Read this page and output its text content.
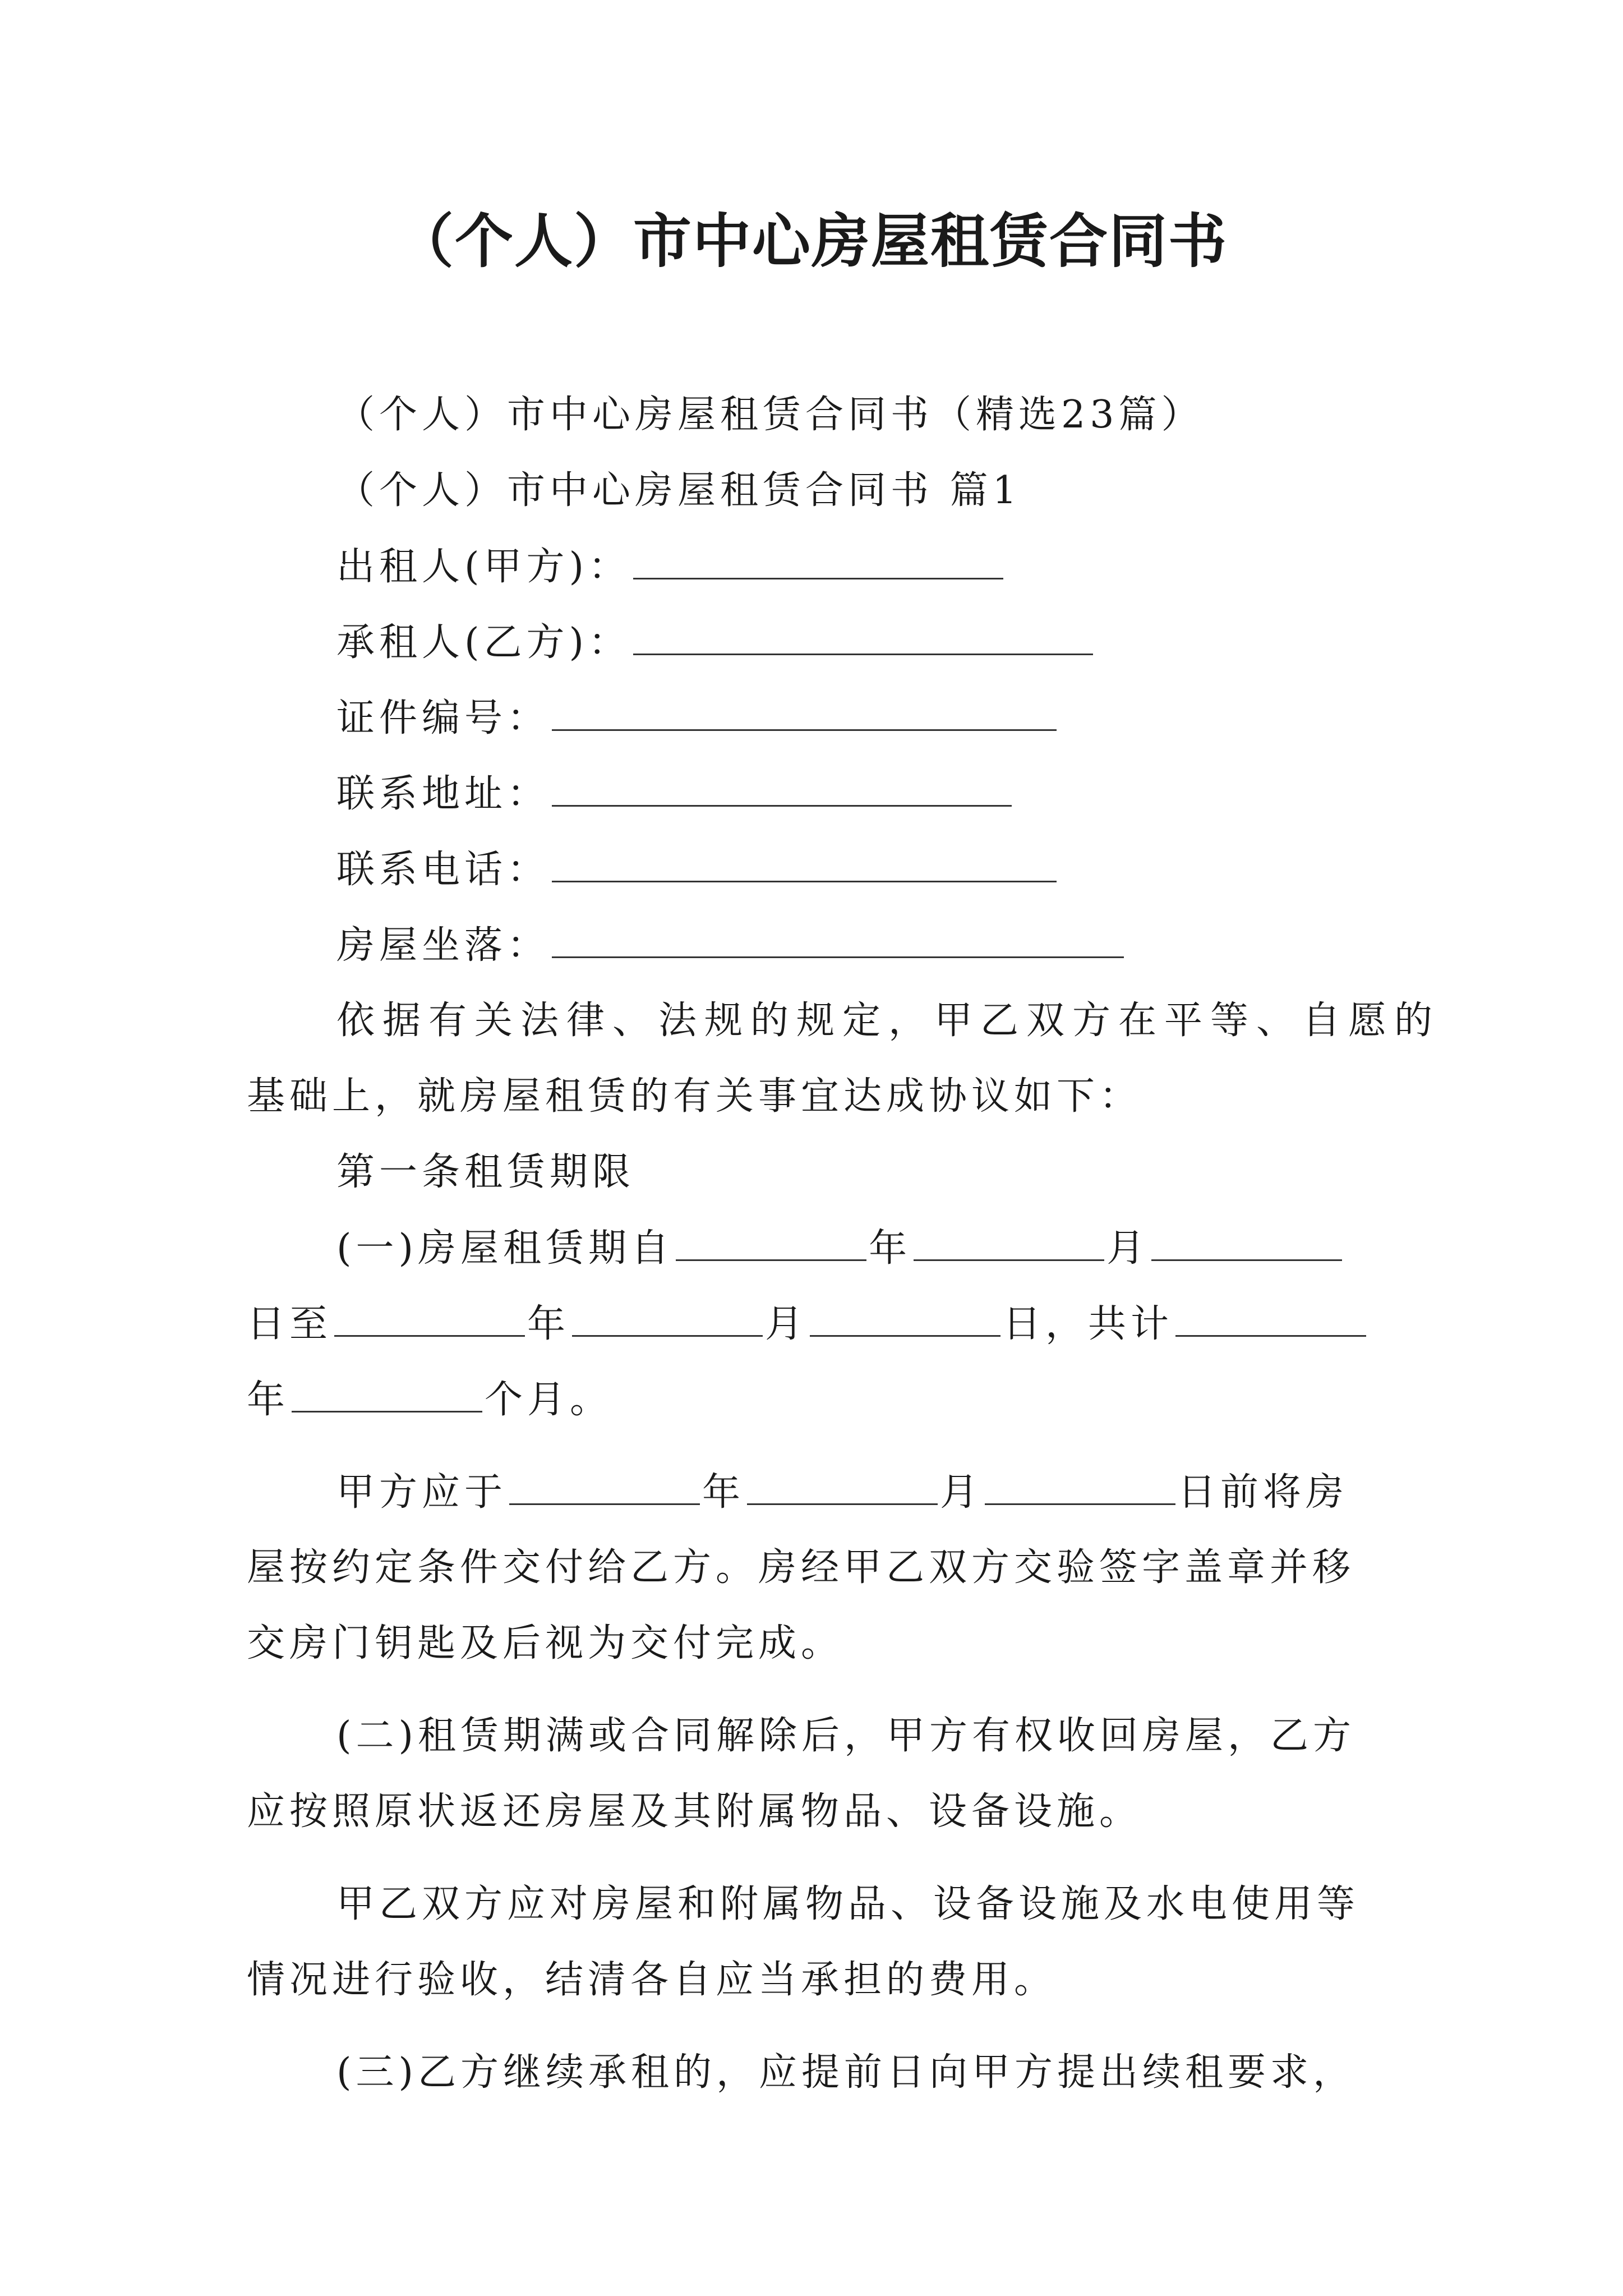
（个人）市中心房屋租赁合同书
（个人）市中心房屋租赁合同书（精选23篇）
（个人）市中心房屋租赁合同书 篇1
出租人(甲方)：
承租人(乙方)：
证件编号：
联系地址：
联系电话：
房屋坐落：
依据有关法律、法规的规定，甲乙双方在平等、自愿的
基础上，就房屋租赁的有关事宜达成协议如下：
第一条租赁期限
(一)房屋租赁期自	年	月
日至	年	月	日，共计
年	个月。
甲方应于	年	月	日前将房
屋按约定条件交付给乙方。房经甲乙双方交验签字盖章并移
交房门钥匙及后视为交付完成。
(二)租赁期满或合同解除后，甲方有权收回房屋，乙方
应按照原状返还房屋及其附属物品、设备设施。
甲乙双方应对房屋和附属物品、设备设施及水电使用等
情况进行验收，结清各自应当承担的费用。
(三)乙方继续承租的，应提前日向甲方提出续租要求，
